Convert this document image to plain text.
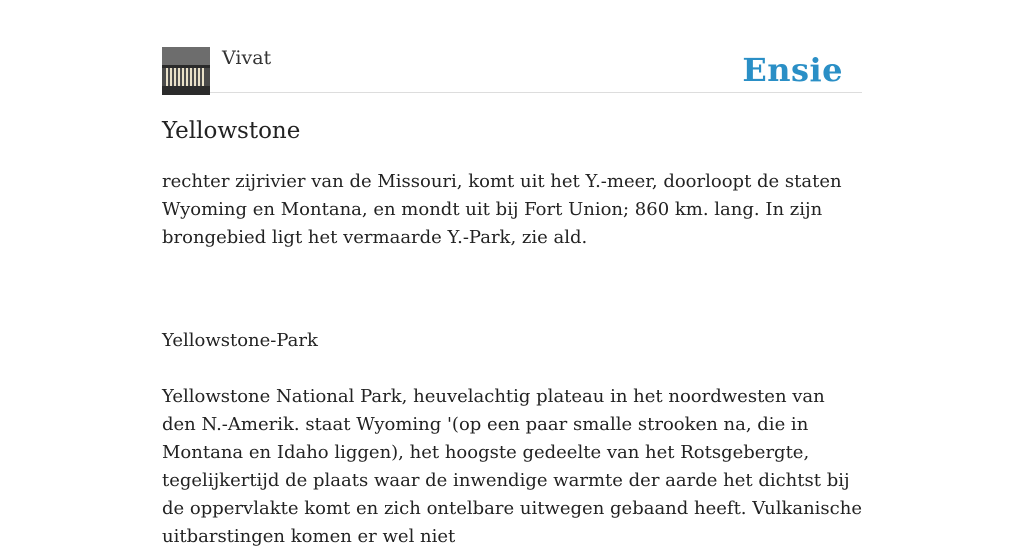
Vivat	Ensie
Yellowstone

rechter zijrivier van de Missouri, komt uit het Y.-meer, doorloopt de staten Wyoming en Montana, en mondt uit bij Fort Union; 860 km. lang. In zijn brongebied ligt het vermaarde Y.-Park, zie ald.

Yellowstone-Park

Yellowstone National Park, heuvelachtig plateau in het noordwesten van den N.-Amerik. staat Wyoming '(op een paar smalle strooken na, die in Montana en Idaho liggen), het hoogste gedeelte van het Rotsgebergte, tegelijkertijd de plaats waar de inwendige warmte der aarde het dichtst bij de oppervlakte komt en zich ontelbare uitwegen gebaand heeft. Vulkanische uitbarstingen komen er wel niet
